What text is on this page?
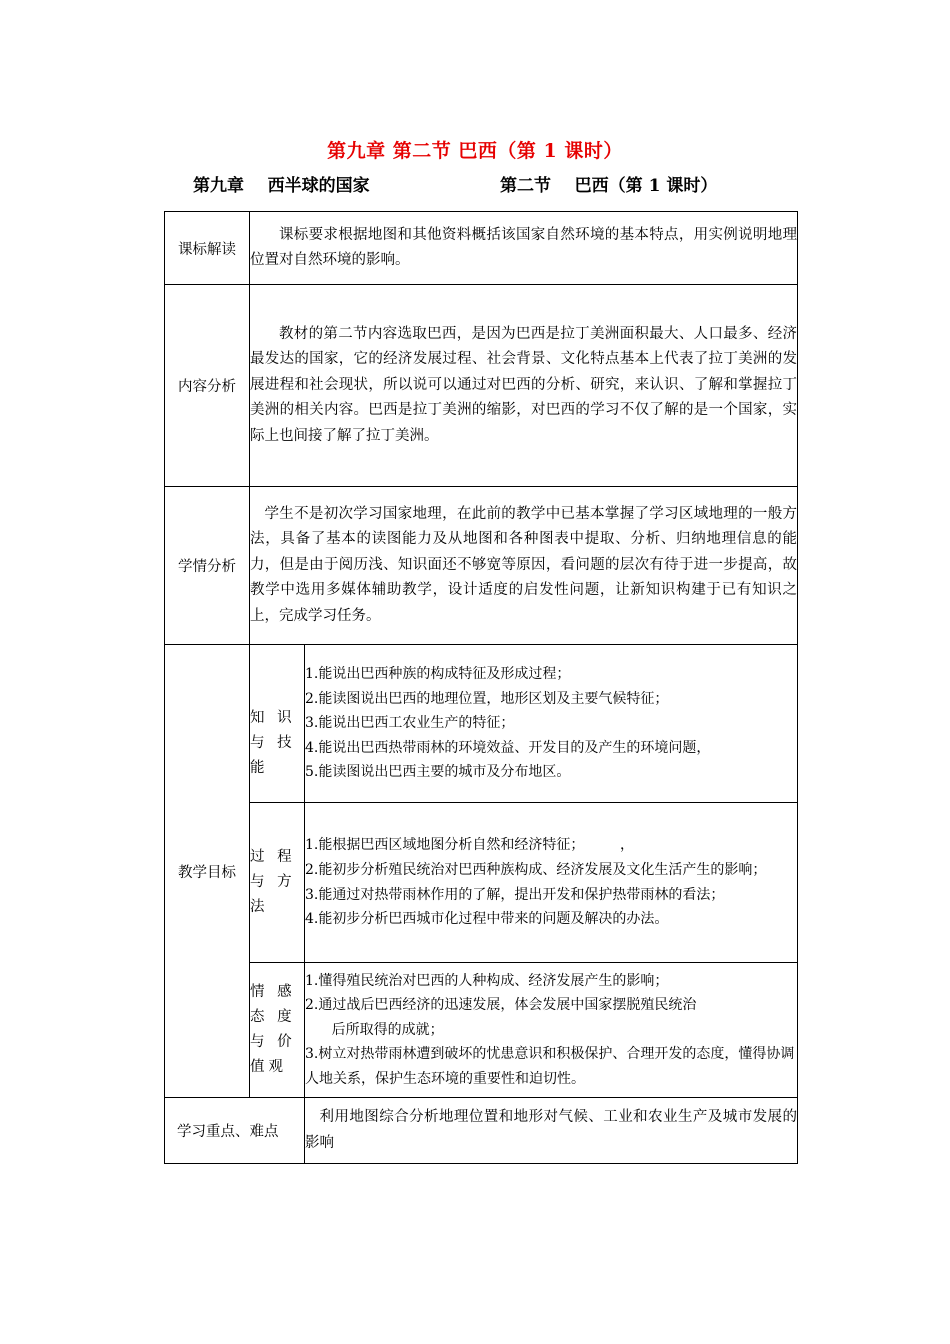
第九章 第二节 巴西（第 1 课时）
第九章    西半球的国家	第二节    巴西（第 1 课时）
课标解读	课标要求根据地图和其他资料概括该国家自然环境的基本特点，用实例说明地理位置对自然环境的影响。	
内容分析	教材的第二节内容选取巴西，是因为巴西是拉丁美洲面积最大、人口最多、经济最发达的国家，它的经济发展过程、社会背景、文化特点基本上代表了拉丁美洲的发展进程和社会现状，所以说可以通过对巴西的分析、研究，来认识、了解和掌握拉丁美洲的相关内容。巴西是拉丁美洲的缩影，对巴西的学习不仅了解的是一个国家，实际上也间接了解了拉丁美洲。	
学情分析	学生不是初次学习国家地理，在此前的教学中已基本掌握了学习区域地理的一般方法，具备了基本的读图能力及从地图和各种图表中提取、分析、归纳地理信息的能力，但是由于阅历浅、知识面还不够宽等原因，看问题的层次有待于进一步提高，故教学中选用多媒体辅助教学，设计适度的启发性问题，让新知识构建于已有知识之上，完成学习任务。	
教学目标	知 识 与 技 能	1.能说出巴西种族的构成特征及形成过程；
2.能读图说出巴西的地理位置，地形区划及主要气候特征；
3.能说出巴西工农业生产的特征；
4.能说出巴西热带雨林的环境效益、开发目的及产生的环境问题，
5.能读图说出巴西主要的城市及分布地区。

	过 程 与 方 法	1.能根据巴西区域地图分析自然和经济特征；        ，
2.能初步分析殖民统治对巴西种族构成、经济发展及文化生活产生的影响；
3.能通过对热带雨林作用的了解，提出开发和保护热带雨林的看法；
4.能初步分析巴西城市化过程中带来的问题及解决的办法。

	情 感 态 度 与 价 值观	1.懂得殖民统治对巴西的人种构成、经济发展产生的影响；
2.通过战后巴西经济的迅速发展，体会发展中国家摆脱殖民统治
后所取得的成就；
3.树立对热带雨林遭到破坏的忧患意识和积极保护、合理开发的态度，懂得协调人地关系，保护生态环境的重要性和迫切性。

学习重点、难点		利用地图综合分析地理位置和地形对气候、工业和农业生产及城市发展的影响
